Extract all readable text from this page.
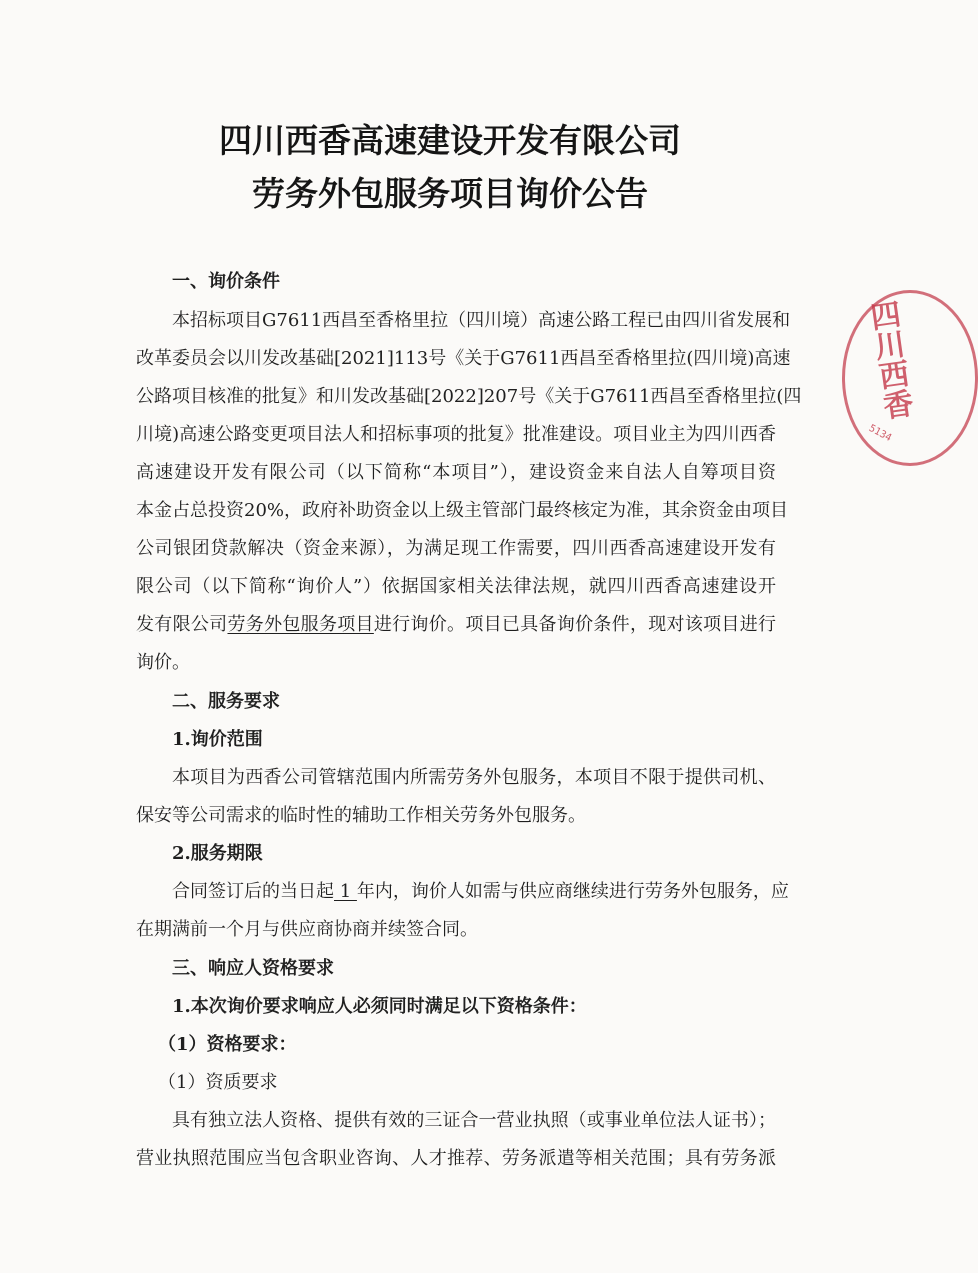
四川西香高速建设开发有限公司
劳务外包服务项目询价公告
一、询价条件
本招标项目G7611西昌至香格里拉（四川境）高速公路工程已由四川省发展和
改革委员会以川发改基础[2021]113号《关于G7611西昌至香格里拉(四川境)高速
公路项目核准的批复》和川发改基础[2022]207号《关于G7611西昌至香格里拉(四
川境)高速公路变更项目法人和招标事项的批复》批准建设。项目业主为四川西香
高速建设开发有限公司（以下简称“本项目”），建设资金来自法人自筹项目资
本金占总投资20%，政府补助资金以上级主管部门最终核定为准，其余资金由项目
公司银团贷款解决（资金来源），为满足现工作需要，四川西香高速建设开发有
限公司（以下简称“询价人”）依据国家相关法律法规，就四川西香高速建设开
发有限公司劳务外包服务项目进行询价。项目已具备询价条件，现对该项目进行
询价。
二、服务要求
1.询价范围
本项目为西香公司管辖范围内所需劳务外包服务，本项目不限于提供司机、
保安等公司需求的临时性的辅助工作相关劳务外包服务。
2.服务期限
合同签订后的当日起 1 年内，询价人如需与供应商继续进行劳务外包服务，应
在期满前一个月与供应商协商并续签合同。
三、响应人资格要求
1.本次询价要求响应人必须同时满足以下资格条件：
（1）资格要求：
（1）资质要求
具有独立法人资格、提供有效的三证合一营业执照（或事业单位法人证书）；
营业执照范围应当包含职业咨询、人才推荐、劳务派遣等相关范围；具有劳务派
四川西香
5134
